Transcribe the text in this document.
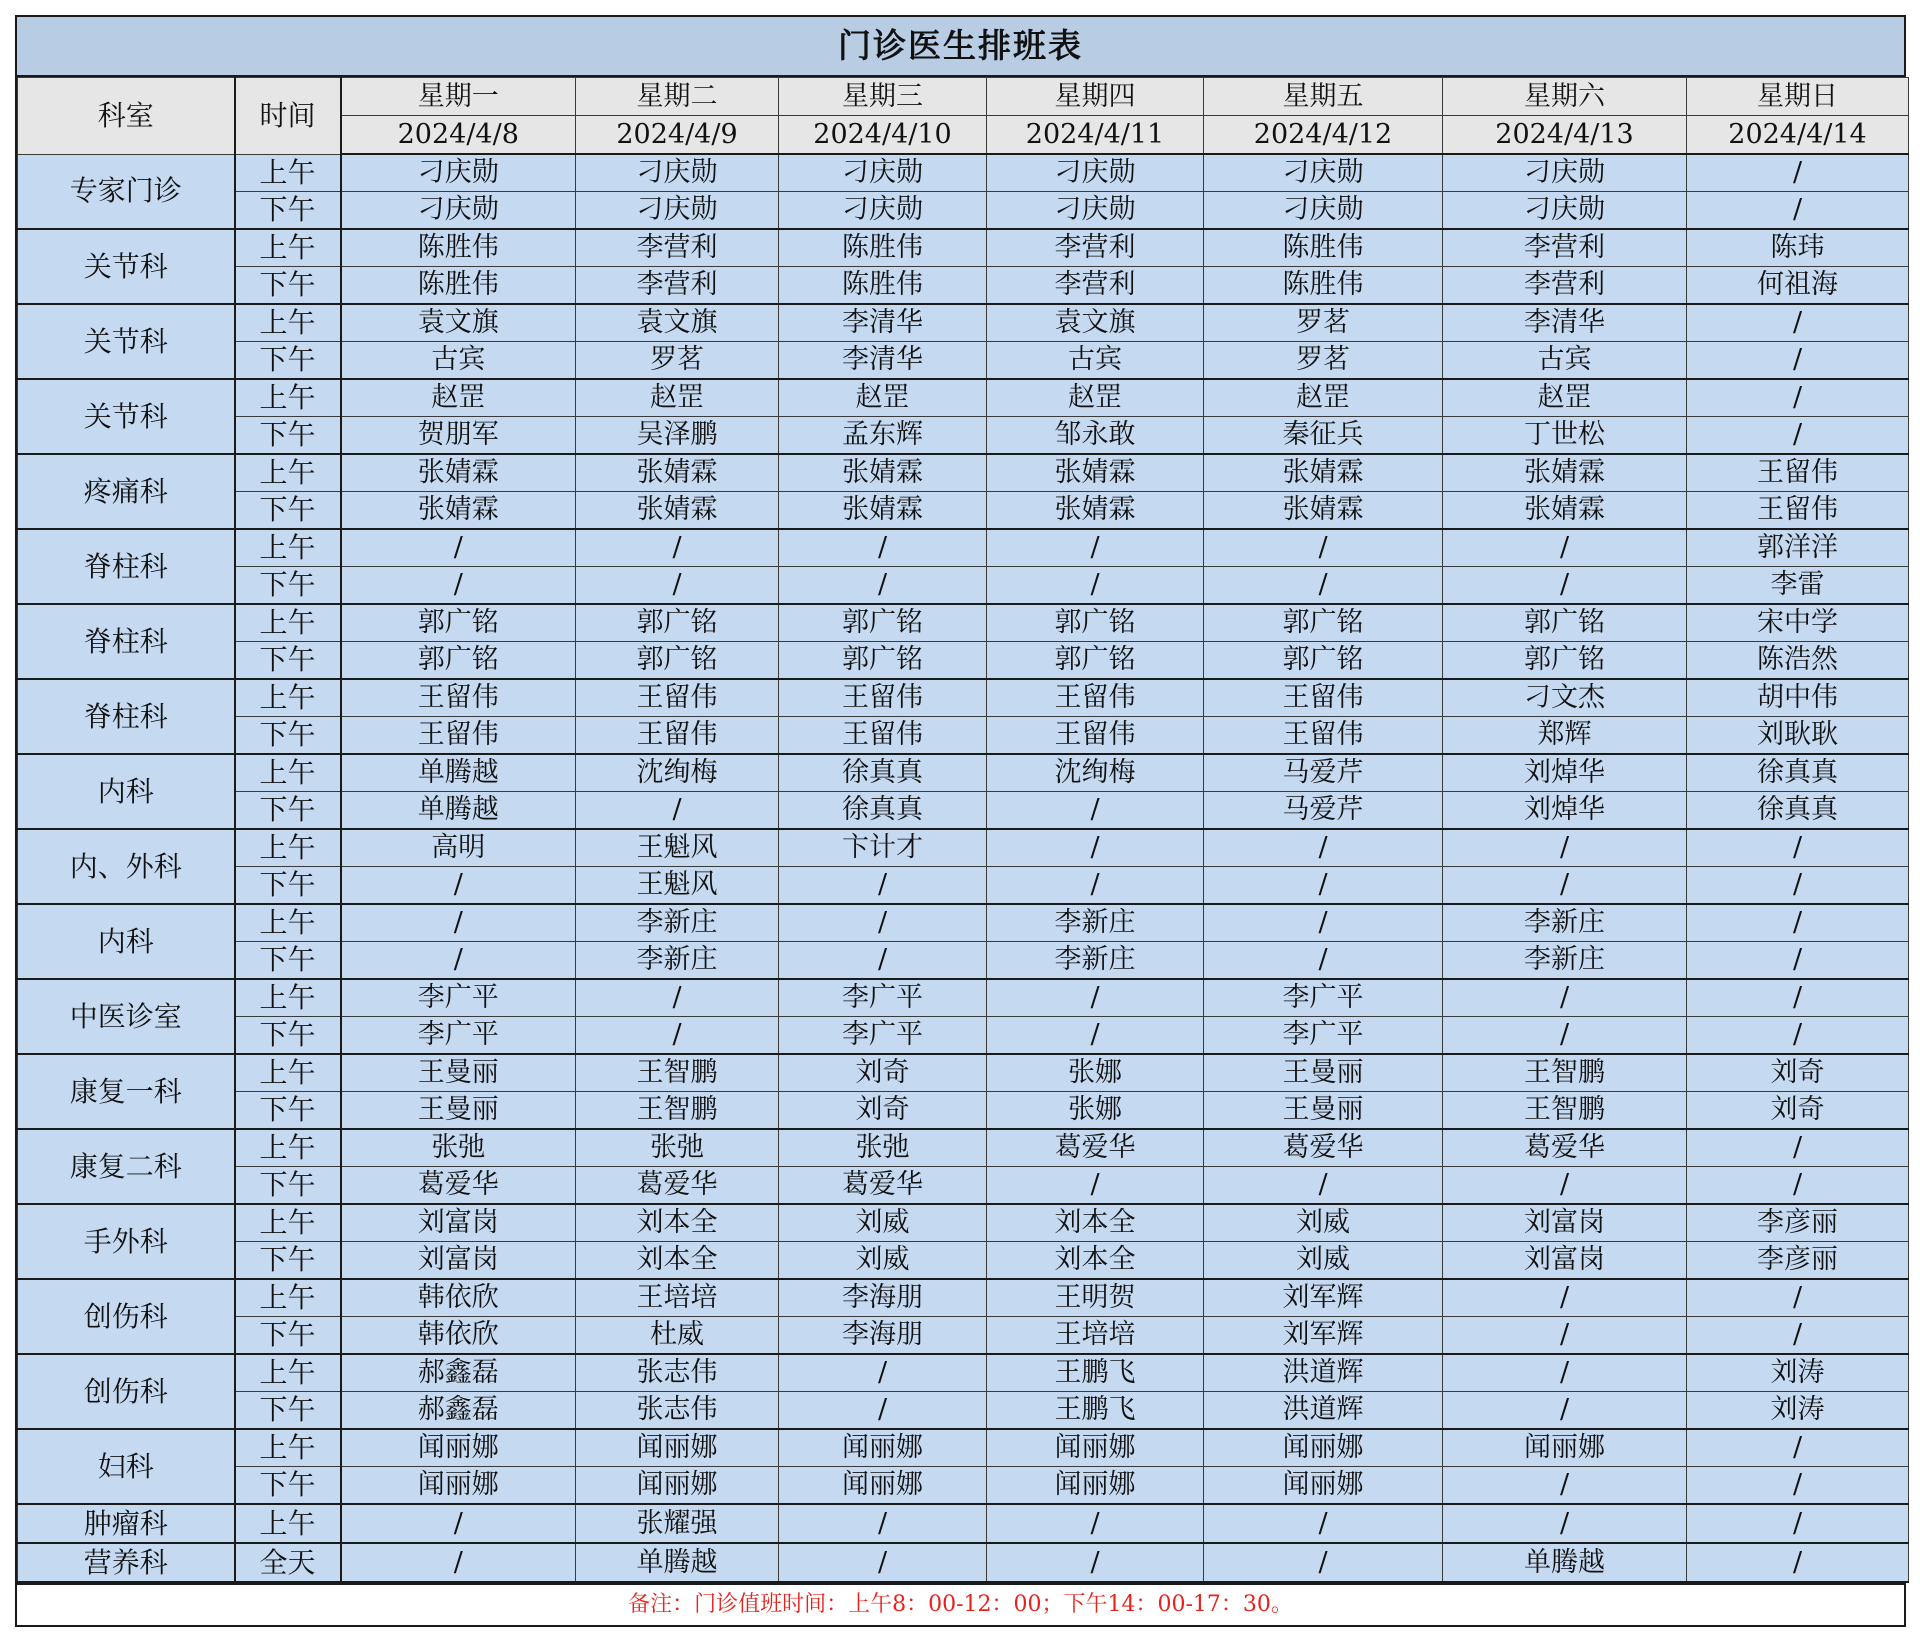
门诊医生排班表
科室	时间	星期一	星期二	星期三	星期四	星期五	星期六	星期日
		2024/4/8	2024/4/9	2024/4/10	2024/4/11	2024/4/12	2024/4/13	2024/4/14
专家门诊	上午	刁庆勋	刁庆勋	刁庆勋	刁庆勋	刁庆勋	刁庆勋	/
	下午	刁庆勋	刁庆勋	刁庆勋	刁庆勋	刁庆勋	刁庆勋	/
关节科	上午	陈胜伟	李营利	陈胜伟	李营利	陈胜伟	李营利	陈玮
	下午	陈胜伟	李营利	陈胜伟	李营利	陈胜伟	李营利	何祖海
关节科	上午	袁文旗	袁文旗	李清华	袁文旗	罗茗	李清华	/
	下午	古宾	罗茗	李清华	古宾	罗茗	古宾	/
关节科	上午	赵罡	赵罡	赵罡	赵罡	赵罡	赵罡	/
	下午	贺朋军	吴泽鹏	孟东辉	邹永敢	秦征兵	丁世松	/
疼痛科	上午	张婧霖	张婧霖	张婧霖	张婧霖	张婧霖	张婧霖	王留伟
	下午	张婧霖	张婧霖	张婧霖	张婧霖	张婧霖	张婧霖	王留伟
脊柱科	上午	/	/	/	/	/	/	郭洋洋
	下午	/	/	/	/	/	/	李雷
脊柱科	上午	郭广铭	郭广铭	郭广铭	郭广铭	郭广铭	郭广铭	宋中学
	下午	郭广铭	郭广铭	郭广铭	郭广铭	郭广铭	郭广铭	陈浩然
脊柱科	上午	王留伟	王留伟	王留伟	王留伟	王留伟	刁文杰	胡中伟
	下午	王留伟	王留伟	王留伟	王留伟	王留伟	郑辉	刘耿耿
内科	上午	单腾越	沈绚梅	徐真真	沈绚梅	马爱芹	刘焯华	徐真真
	下午	单腾越	/	徐真真	/	马爱芹	刘焯华	徐真真
内、外科	上午	高明	王魁风	卞计才	/	/	/	/
	下午	/	王魁风	/	/	/	/	/
内科	上午	/	李新庄	/	李新庄	/	李新庄	/
	下午	/	李新庄	/	李新庄	/	李新庄	/
中医诊室	上午	李广平	/	李广平	/	李广平	/	/
	下午	李广平	/	李广平	/	李广平	/	/
康复一科	上午	王曼丽	王智鹏	刘奇	张娜	王曼丽	王智鹏	刘奇
	下午	王曼丽	王智鹏	刘奇	张娜	王曼丽	王智鹏	刘奇
康复二科	上午	张弛	张弛	张弛	葛爱华	葛爱华	葛爱华	/
	下午	葛爱华	葛爱华	葛爱华	/	/	/	/
手外科	上午	刘富岗	刘本全	刘威	刘本全	刘威	刘富岗	李彦丽
	下午	刘富岗	刘本全	刘威	刘本全	刘威	刘富岗	李彦丽
创伤科	上午	韩依欣	王培培	李海朋	王明贺	刘军辉	/	/
	下午	韩依欣	杜威	李海朋	王培培	刘军辉	/	/
创伤科	上午	郝鑫磊	张志伟	/	王鹏飞	洪道辉	/	刘涛
	下午	郝鑫磊	张志伟	/	王鹏飞	洪道辉	/	刘涛
妇科	上午	闻丽娜	闻丽娜	闻丽娜	闻丽娜	闻丽娜	闻丽娜	/
	下午	闻丽娜	闻丽娜	闻丽娜	闻丽娜	闻丽娜	/	/
肿瘤科	上午	/	张耀强	/	/	/	/	/
营养科	全天	/	单腾越	/	/	/	单腾越	/
备注：门诊值班时间：上午8：00-12：00；下午14：00-17：30。
